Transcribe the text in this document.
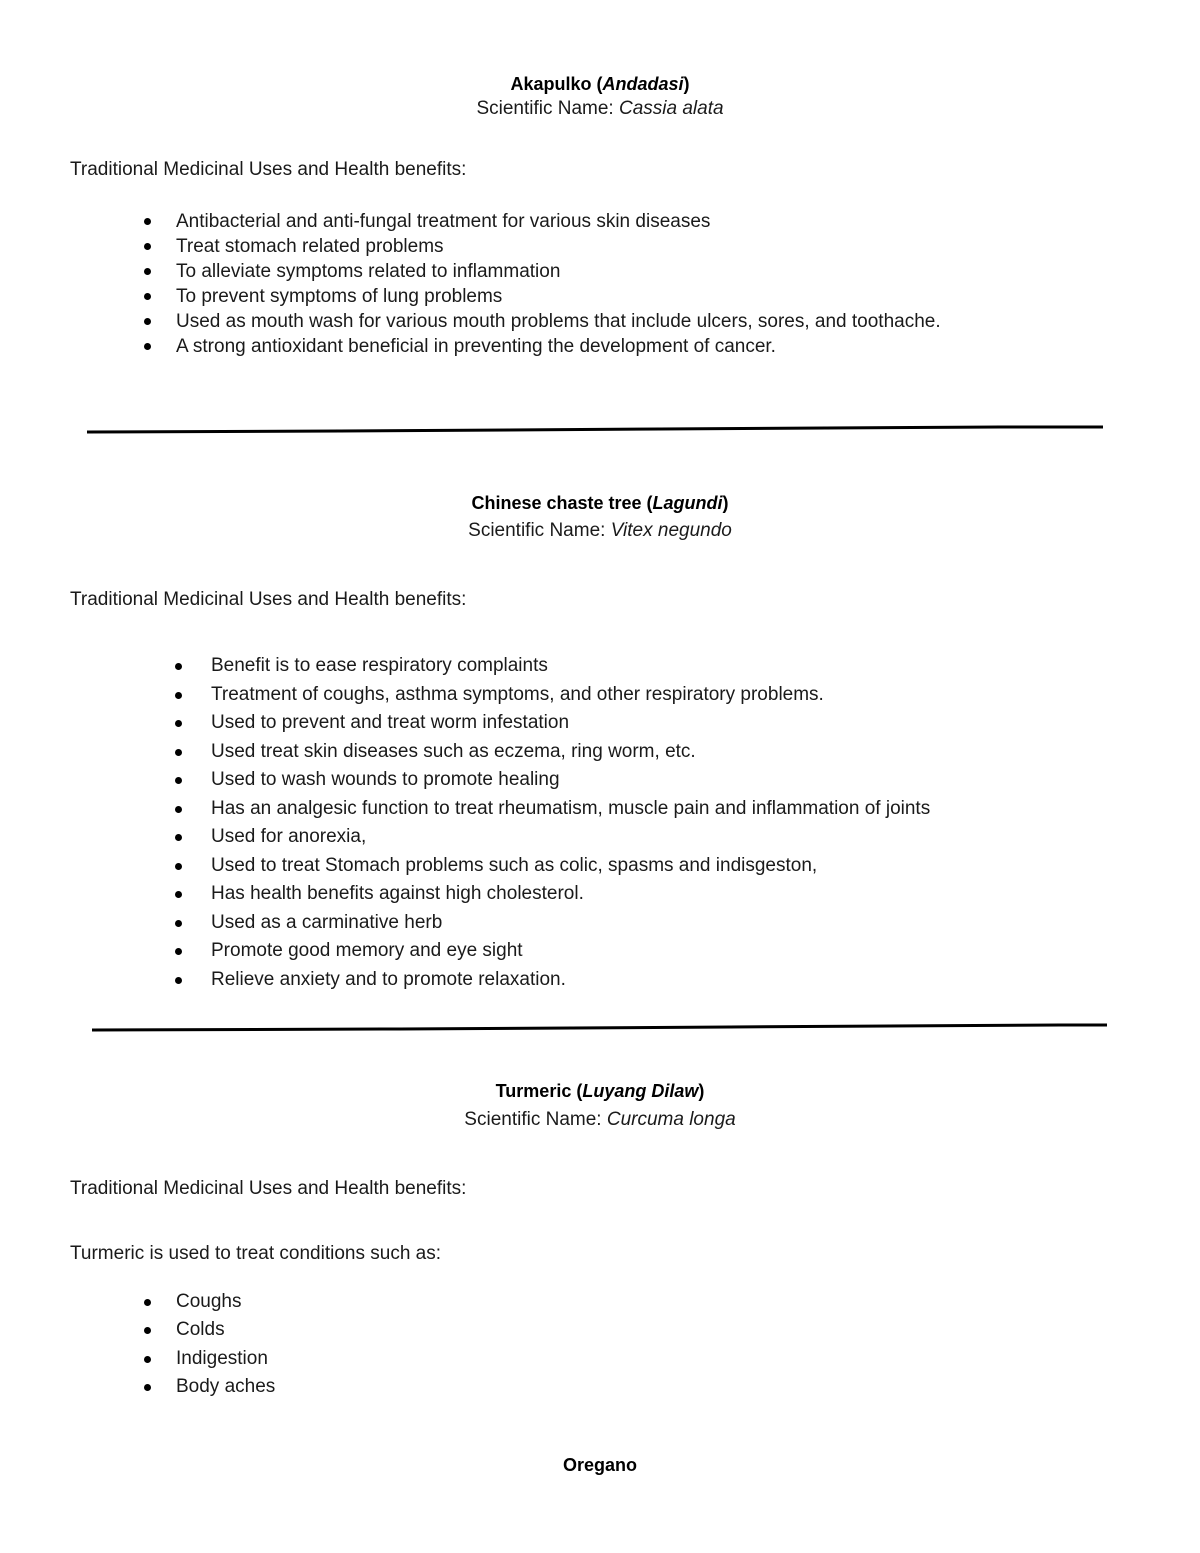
Akapulko (Andadasi)

Scientific Name: Cassia alata

Traditional Medicinal Uses and Health benefits:

Antibacterial and anti-fungal treatment for various skin diseases
Treat stomach related problems
To alleviate symptoms related to inflammation
To prevent symptoms of lung problems
Used as mouth wash for various mouth problems that include ulcers, sores, and toothache.
A strong antioxidant beneficial in preventing the development of cancer.

Chinese chaste tree (Lagundi)

Scientific Name: Vitex negundo

Traditional Medicinal Uses and Health benefits:

Benefit is to ease respiratory complaints
Treatment of coughs, asthma symptoms, and other respiratory problems.
Used to prevent and treat worm infestation
Used treat skin diseases such as eczema, ring worm, etc.
Used to wash wounds to promote healing
Has an analgesic function to treat rheumatism, muscle pain and inflammation of joints
Used for anorexia,
Used to treat Stomach problems such as colic, spasms and indisgeston,
Has health benefits against high cholesterol.
Used as a carminative herb
Promote good memory and eye sight
Relieve anxiety and to promote relaxation.

Turmeric (Luyang Dilaw)

Scientific Name: Curcuma longa

Traditional Medicinal Uses and Health benefits:

Turmeric is used to treat conditions such as:

Coughs
Colds
Indigestion
Body aches

Oregano
